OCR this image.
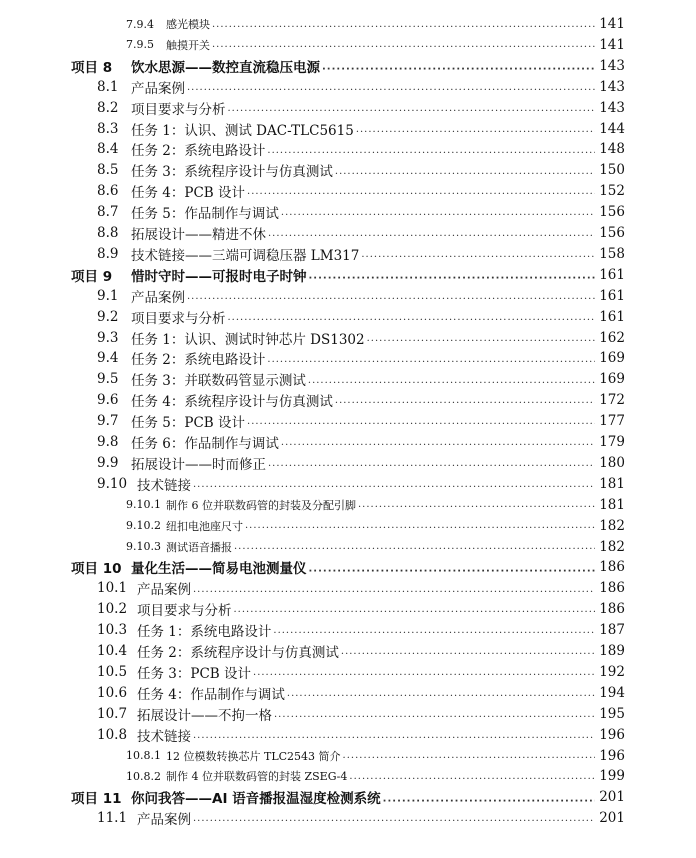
7.9.4	感光模块 ·····	141
7.9.5	触摸开关 ·····	141
项目 8	饮水思源——数控直流稳压电源 ·····	143
8.1 产品案例 ·····	143
8.2 项目要求与分析 ·····	143
8.3 任务 1：认识、测试 DAC-TLC5615 ·····	144
8.4 任务 2：系统电路设计 ·····	148
8.5 任务 3：系统程序设计与仿真测试 ·····	150
8.6 任务 4：PCB 设计 ·····	152
8.7 任务 5：作品制作与调试 ·····	156
8.8 拓展设计——精进不休 ·····	156
8.9 技术链接——三端可调稳压器 LM317 ·····	158
项目 9	惜时守时——可报时电子时钟 ·····	161
9.1 产品案例 ·····	161
9.2 项目要求与分析 ·····	161
9.3 任务 1：认识、测试时钟芯片 DS1302 ·····	162
9.4 任务 2：系统电路设计 ·····	169
9.5 任务 3：并联数码管显示测试 ·····	169
9.6 任务 4：系统程序设计与仿真测试 ·····	172
9.7 任务 5：PCB 设计 ·····	177
9.8 任务 6：作品制作与调试 ·····	179
9.9 拓展设计——时而修正 ·····	180
9.10 技术链接 ·····	181
9.10.1 制作 6 位并联数码管的封装及分配引脚 ·····	181
9.10.2 纽扣电池座尺寸 ·····	182
9.10.3 测试语音播报 ·····	182
项目 10 量化生活——简易电池测量仪 ·····	186
10.1 产品案例 ·····	186
10.2 项目要求与分析 ·····	186
10.3 任务 1：系统电路设计 ·····	187
10.4 任务 2：系统程序设计与仿真测试 ·····	189
10.5 任务 3：PCB 设计 ·····	192
10.6 任务 4：作品制作与调试 ·····	194
10.7 拓展设计——不拘一格 ·····	195
10.8 技术链接 ·····	196
10.8.1 12 位模数转换芯片 TLC2543 简介 ·····	196
10.8.2 制作 4 位并联数码管的封装 ZSEG-4 ·····	199
项目 11 你问我答——AI 语音播报温湿度检测系统 ·····	201
11.1 产品案例 ·····	201
